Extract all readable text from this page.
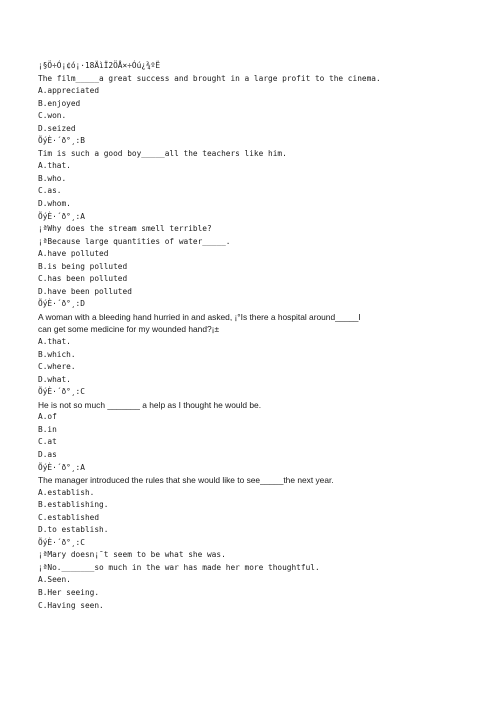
¡§Ö÷Ó¡¢ó¡·18ÄìÏ2ÖÅ×÷Óú¿¾ºË
The film_____a great success and brought in a large profit to the cinema.
A.appreciated
B.enjoyed
C.won.
D.seized
ÕýÈ·´ð°¸:B
Tim is such a good boy_____all the teachers like him.
A.that.
B.who.
C.as.
D.whom.
ÕýÈ·´ð°¸:A
¡ªWhy does the stream smell terrible?
¡ªBecause large quantities of water_____.
A.have polluted
B.is being polluted
C.has been polluted
D.have been polluted
ÕýÈ·´ð°¸:D
A woman with a bleeding hand hurried in and asked, ¡°Is there a hospital around_____I
can get some medicine for my wounded hand?¡±
A.that.
B.which.
C.where.
D.what.
ÕýÈ·´ð°¸:C
He is not so much _______ a help as I thought he would be.
A.of
B.in
C.at
D.as
ÕýÈ·´ð°¸:A
The manager introduced the rules that she would like to see_____the next year.
A.establish.
B.establishing.
C.established
D.to establish.
ÕýÈ·´ð°¸:C
¡ªMary doesn¡¯t seem to be what she was.
¡ªNo._______so much in the war has made her more thoughtful.
A.Seen.
B.Her seeing.
C.Having seen.
